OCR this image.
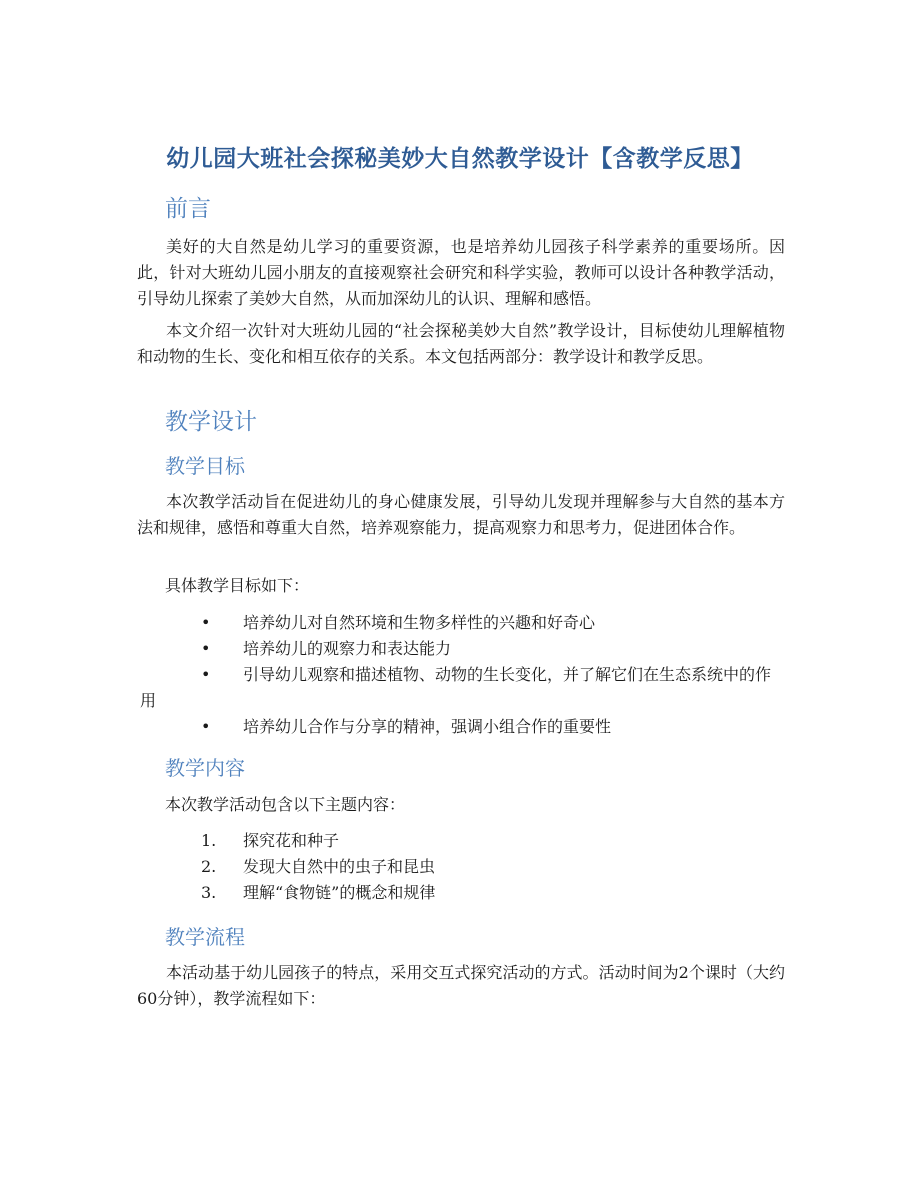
幼儿园大班社会探秘美妙大自然教学设计【含教学反思】
前言

美好的大自然是幼儿学习的重要资源，也是培养幼儿园孩子科学素养的重要场所。因此，针对大班幼儿园小朋友的直接观察社会研究和科学实验，教师可以设计各种教学活动，引导幼儿探索了美妙大自然，从而加深幼儿的认识、理解和感悟。

本文介绍一次针对大班幼儿园的“社会探秘美妙大自然”教学设计，目标使幼儿理解植物和动物的生长、变化和相互依存的关系。本文包括两部分：教学设计和教学反思。

教学设计
教学目标

本次教学活动旨在促进幼儿的身心健康发展，引导幼儿发现并理解参与大自然的基本方法和规律，感悟和尊重大自然，培养观察能力，提高观察力和思考力，促进团体合作。

具体教学目标如下：

• 培养幼儿对自然环境和生物多样性的兴趣和好奇心
• 培养幼儿的观察力和表达能力
• 引导幼儿观察和描述植物、动物的生长变化，并了解它们在生态系统中的作用
• 培养幼儿合作与分享的精神，强调小组合作的重要性
教学内容

本次教学活动包含以下主题内容：

1. 探究花和种子
2. 发现大自然中的虫子和昆虫
3. 理解“食物链”的概念和规律
教学流程

本活动基于幼儿园孩子的特点，采用交互式探究活动的方式。活动时间为2个课时（大约60分钟），教学流程如下：
